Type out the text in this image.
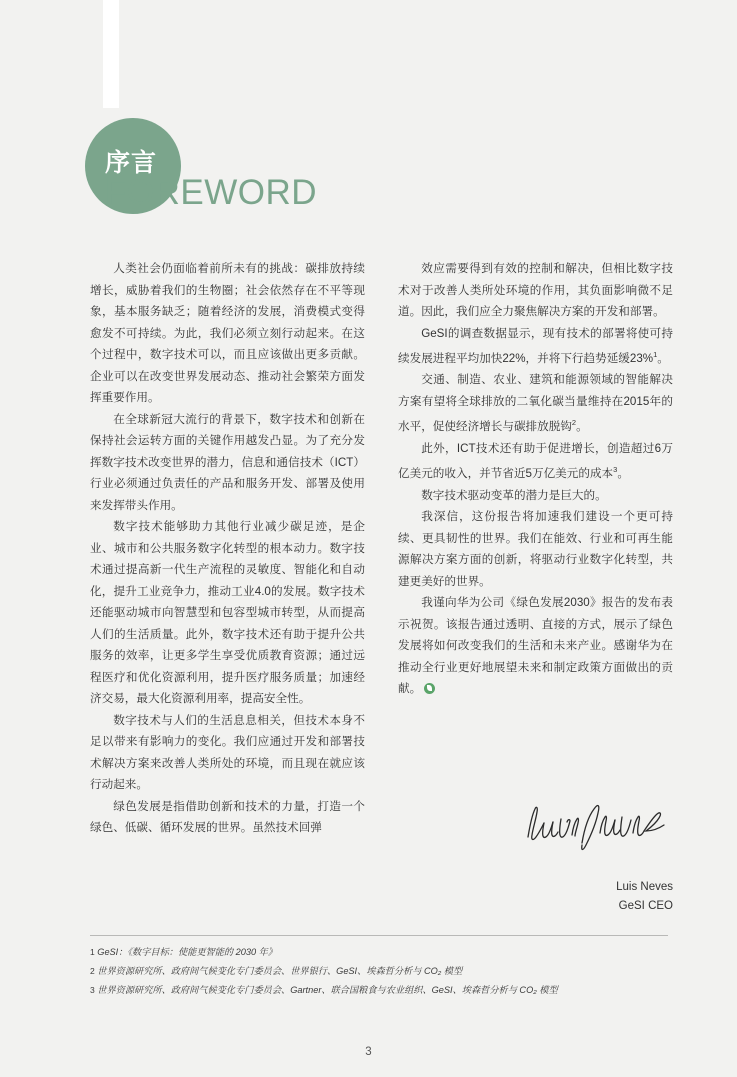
序言
FOREWORD

人类社会仍面临着前所未有的挑战：碳排放持续增长，威胁着我们的生物圈；社会依然存在不平等现象，基本服务缺乏；随着经济的发展，消费模式变得愈发不可持续。为此，我们必须立刻行动起来。在这个过程中，数字技术可以，而且应该做出更多贡献。企业可以在改变世界发展动态、推动社会繁荣方面发挥重要作用。

在全球新冠大流行的背景下，数字技术和创新在保持社会运转方面的关键作用越发凸显。为了充分发挥数字技术改变世界的潜力，信息和通信技术（ICT）行业必须通过负责任的产品和服务开发、部署及使用来发挥带头作用。

数字技术能够助力其他行业减少碳足迹，是企业、城市和公共服务数字化转型的根本动力。数字技术通过提高新一代生产流程的灵敏度、智能化和自动化，提升工业竞争力，推动工业4.0的发展。数字技术还能驱动城市向智慧型和包容型城市转型，从而提高人们的生活质量。此外，数字技术还有助于提升公共服务的效率，让更多学生享受优质教育资源；通过远程医疗和优化资源利用，提升医疗服务质量；加速经济交易，最大化资源利用率，提高安全性。

数字技术与人们的生活息息相关，但技术本身不足以带来有影响力的变化。我们应通过开发和部署技术解决方案来改善人类所处的环境，而且现在就应该行动起来。

绿色发展是指借助创新和技术的力量，打造一个绿色、低碳、循环发展的世界。虽然技术回弹

效应需要得到有效的控制和解决，但相比数字技术对于改善人类所处环境的作用，其负面影响微不足道。因此，我们应全力聚焦解决方案的开发和部署。

GeSI的调查数据显示，现有技术的部署将使可持续发展进程平均加快22%，并将下行趋势延缓23%$^1$。

交通、制造、农业、建筑和能源领域的智能解决方案有望将全球排放的二氧化碳当量维持在2015年的水平，促使经济增长与碳排放脱钩$^2$。

此外，ICT技术还有助于促进增长，创造超过6万亿美元的收入，并节省近5万亿美元的成本$^3$。

数字技术驱动变革的潜力是巨大的。

我深信，这份报告将加速我们建设一个更可持续、更具韧性的世界。我们在能效、行业和可再生能源解决方案方面的创新，将驱动行业数字化转型，共建更美好的世界。

我谨向华为公司《绿色发展2030》报告的发布表示祝贺。该报告通过透明、直接的方式，展示了绿色发展将如何改变我们的生活和未来产业。感谢华为在推动全行业更好地展望未来和制定政策方面做出的贡献。

Luis Neves
GeSI CEO
1 GeSI：《数字目标：使能更智能的 2030 年》
2 世界资源研究所、政府间气候变化专门委员会、世界银行、GeSI、埃森哲分析与 CO₂ 模型
3 世界资源研究所、政府间气候变化专门委员会、Gartner、联合国粮食与农业组织、GeSI、埃森哲分析与 CO₂ 模型
3
